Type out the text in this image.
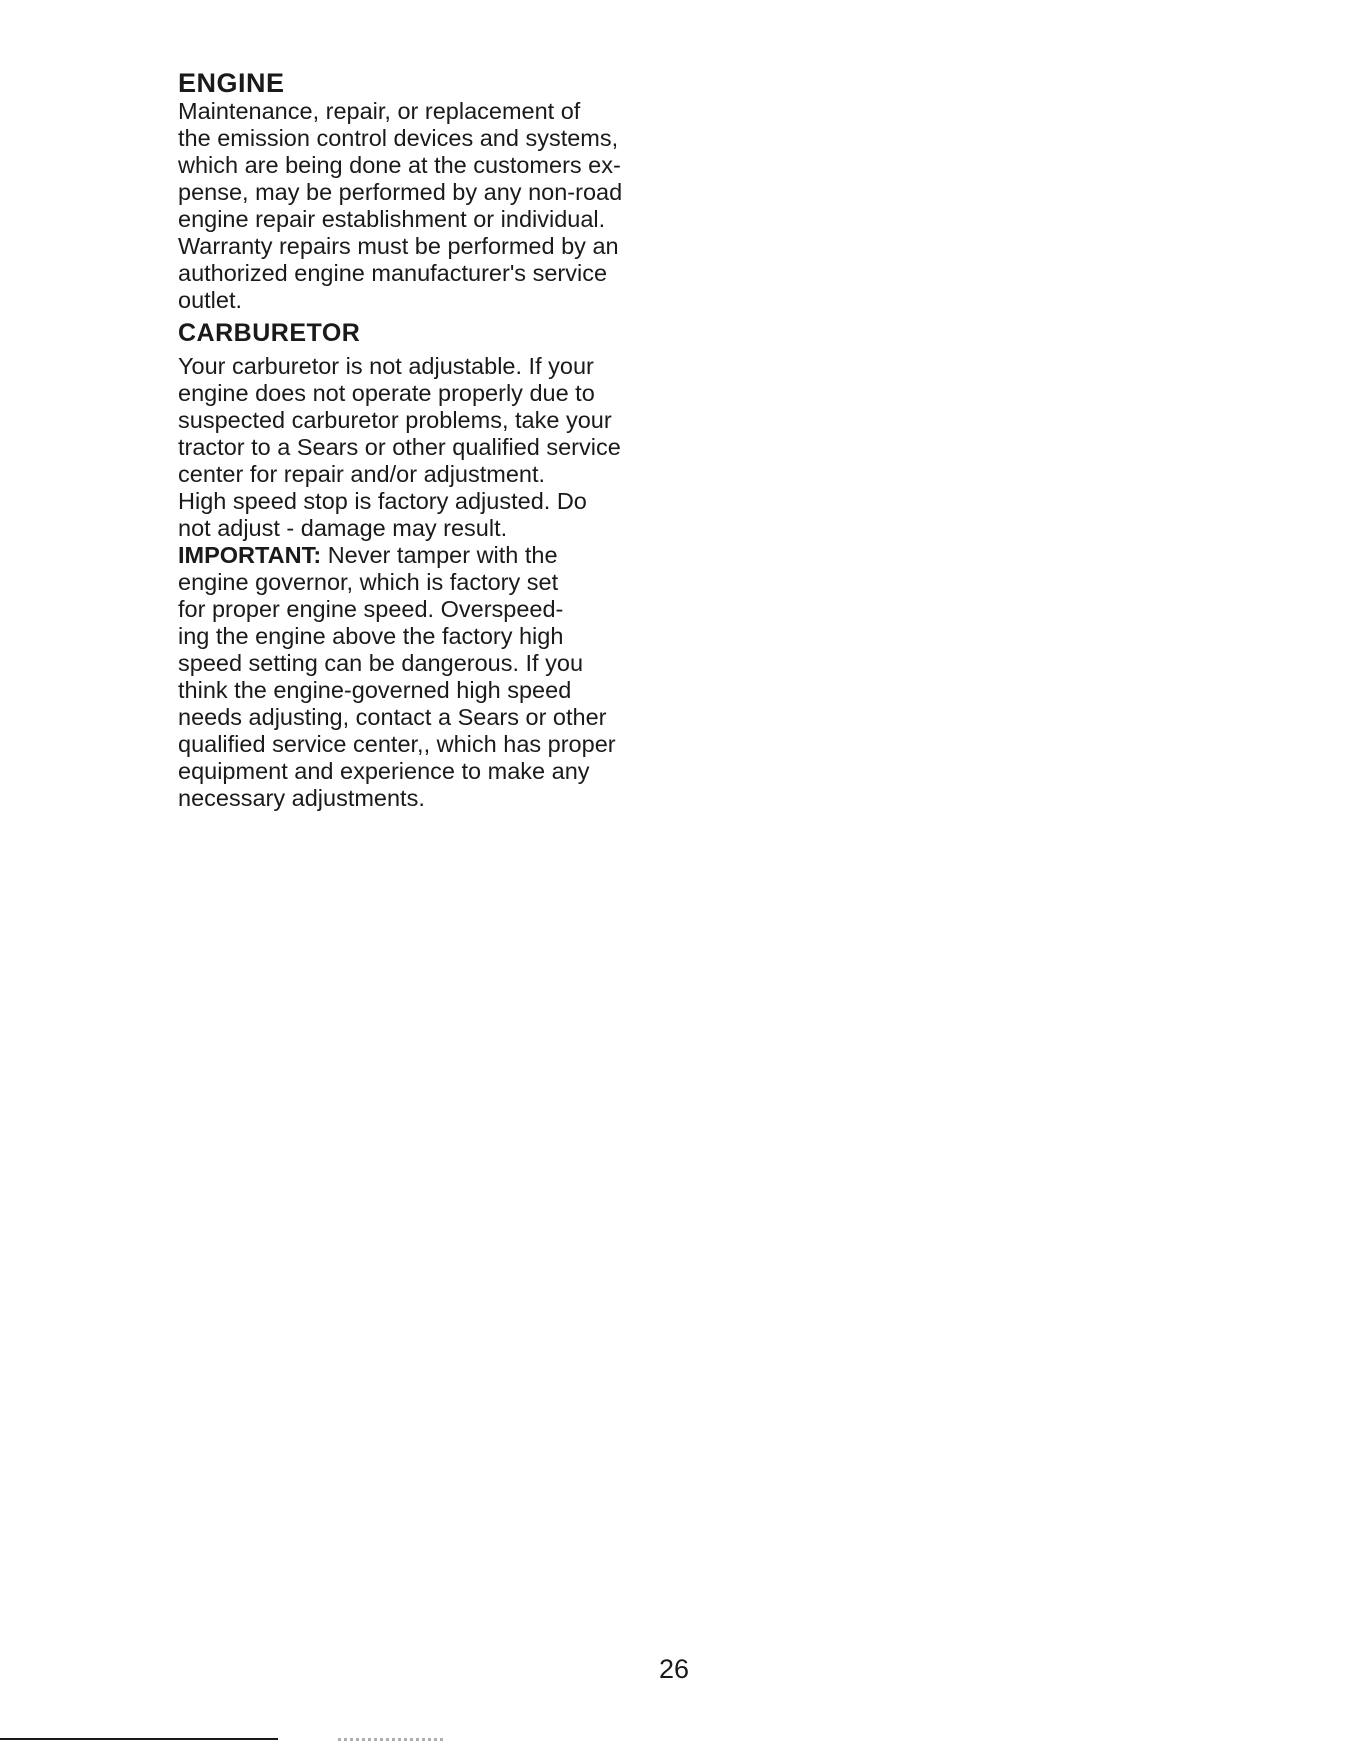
ENGINE
Maintenance, repair, or replacement of
the emission control devices and systems,
which are being done at the customers ex-
pense, may be performed by any non-road
engine repair establishment or individual.
Warranty repairs must be performed by an
authorized engine manufacturer's service
outlet.
CARBURETOR
Your carburetor is not adjustable. If your
engine does not operate properly due to
suspected carburetor problems, take your
tractor to a Sears or other qualified service
center for repair and/or adjustment.
High speed stop is factory adjusted. Do
not adjust - damage may result.
IMPORTANT: Never tamper with the
engine governor, which is factory set
for proper engine speed. Overspeed-
ing the engine above the factory high
speed setting can be dangerous. If you
think the engine-governed high speed
needs adjusting, contact a Sears or other
qualified service center,, which has proper
equipment and experience to make any
necessary adjustments.
26
